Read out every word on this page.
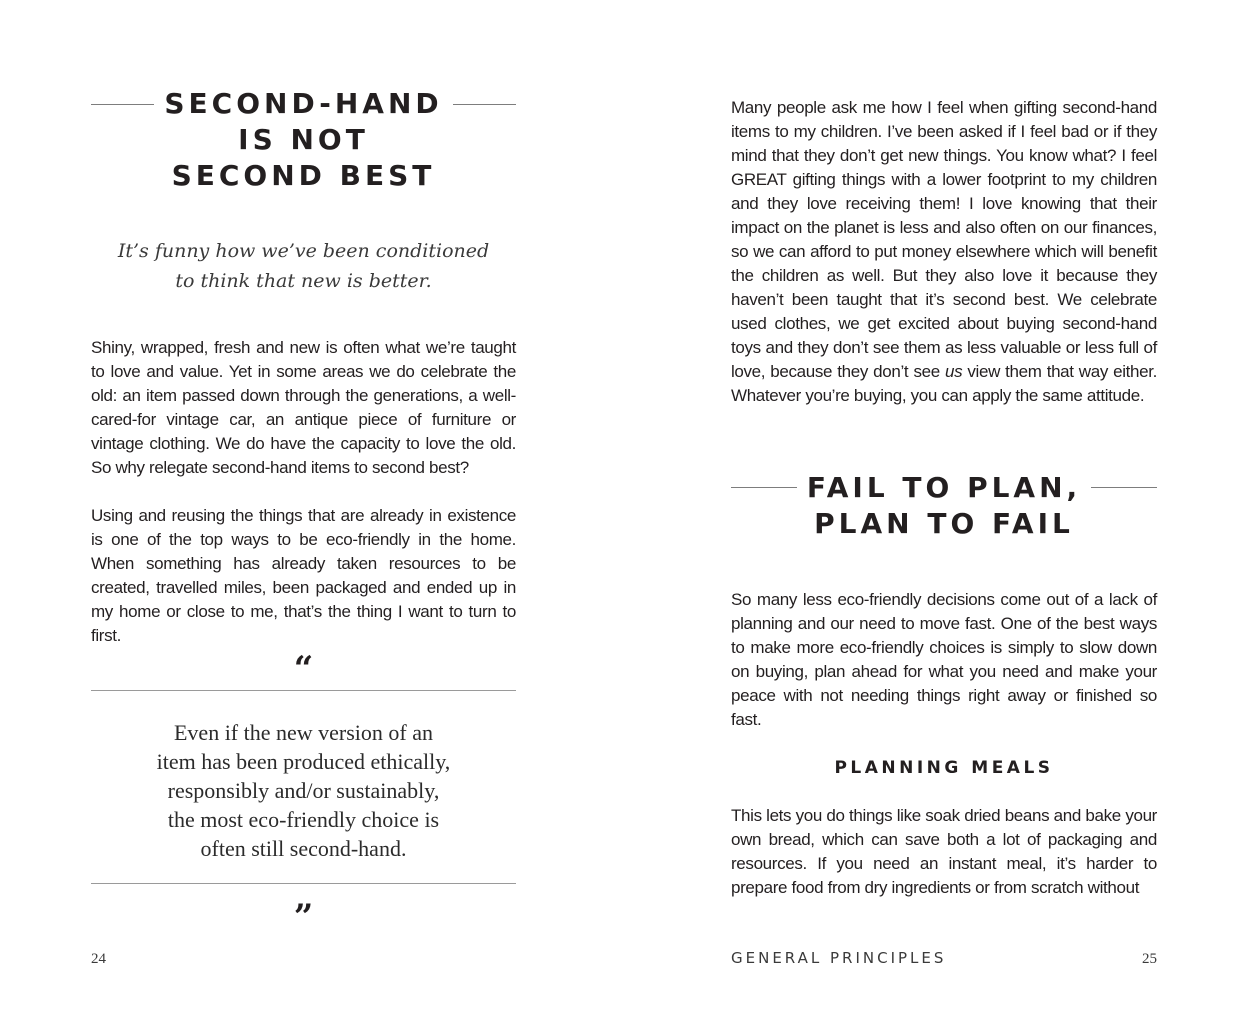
SECOND-HAND
IS NOT
SECOND BEST
It’s funny how we’ve been conditioned
to think that new is better.

Shiny, wrapped, fresh and new is often what we’re taught to love and value. Yet in some areas we do celebrate the old: an item passed down through the generations, a well-cared-for vintage car, an antique piece of furniture or vintage clothing. We do have the capacity to love the old. So why relegate second-hand items to second best?

Using and reusing the things that are already in existence is one of the top ways to be eco-friendly in the home. When something has already taken resources to be created, travelled miles, been packaged and ended up in my home or close to me, that’s the thing I want to turn to first.

“
Even if the new version of an
item has been produced ethically,
responsibly and/or sustainably,
the most eco-friendly choice is
often still second-hand.
”
24

Many people ask me how I feel when gifting second-hand items to my children. I’ve been asked if I feel bad or if they mind that they don’t get new things. You know what? I feel GREAT gifting things with a lower footprint to my children and they love receiving them! I love knowing that their impact on the planet is less and also often on our finances, so we can afford to put money elsewhere which will benefit the children as well. But they also love it because they haven’t been taught that it’s second best. We celebrate used clothes, we get excited about buying second-hand toys and they don’t see them as less valuable or less full of love, because they don’t see us view them that way either. Whatever you’re buying, you can apply the same attitude.

FAIL TO PLAN,
PLAN TO FAIL

So many less eco-friendly decisions come out of a lack of planning and our need to move fast. One of the best ways to make more eco-friendly choices is simply to slow down on buying, plan ahead for what you need and make your peace with not needing things right away or finished so fast.

PLANNING MEALS

This lets you do things like soak dried beans and bake your own bread, which can save both a lot of packaging and resources. If you need an instant meal, it’s harder to prepare food from dry ingredients or from scratch without

GENERAL PRINCIPLES	25
